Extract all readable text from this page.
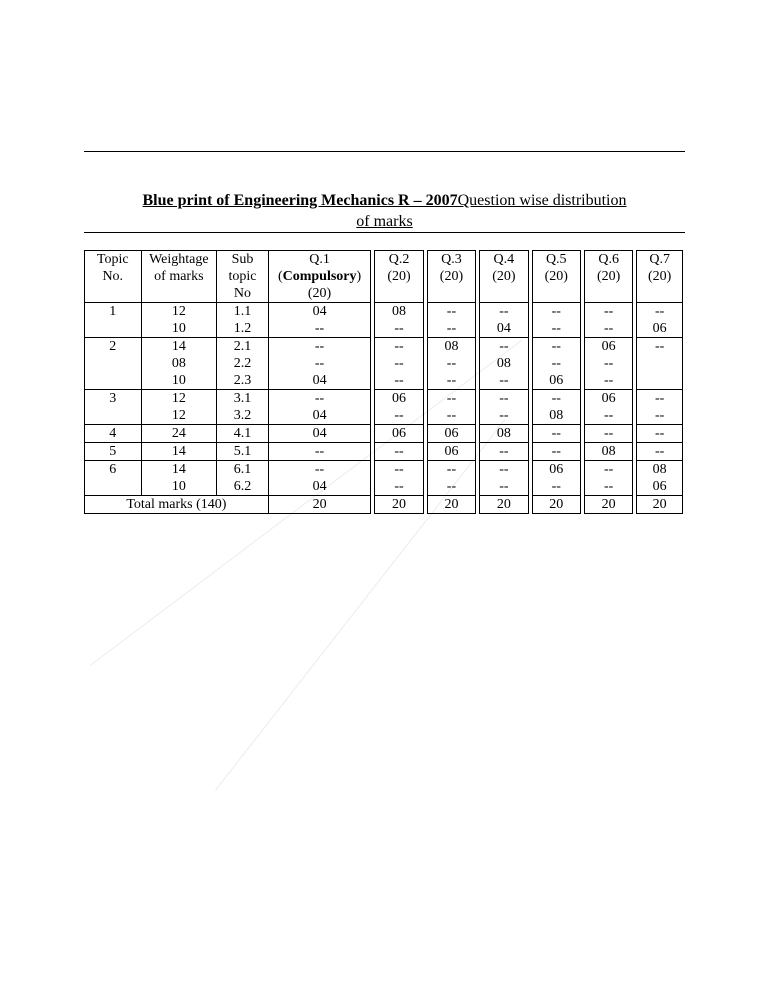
Blue print of Engineering Mechanics R – 2007Question wise distribution
of marks
Topic No.	Weightage of marks	Sub topic No	Q.1
(Compulsory)
(20)		Q.2 (20)		Q.3 (20)		Q.4 (20)		Q.5 (20)		Q.6 (20)		Q.7 (20)
1	12	1.1	04		08		--		--		--		--		--
	10	1.2	--		--		--		04		--		--		06
2	14	2.1	--		--		08		--		--		06		--
	08	2.2	--		--		--		08		--		--		
	10	2.3	04		--		--		--		06		--		
3	12	3.1	--		06		--		--		--		06		--
	12	3.2	04		--		--		--		08		--		--
4	24	4.1	04		06		06		08		--		--		--
5	14	5.1	--		--		06		--		--		08		--
6	14	6.1	--		--		--		--		06		--		08
	10	6.2	04		--		--		--		--		--		06
Total marks (140)			20		20		20		20		20		20		20
